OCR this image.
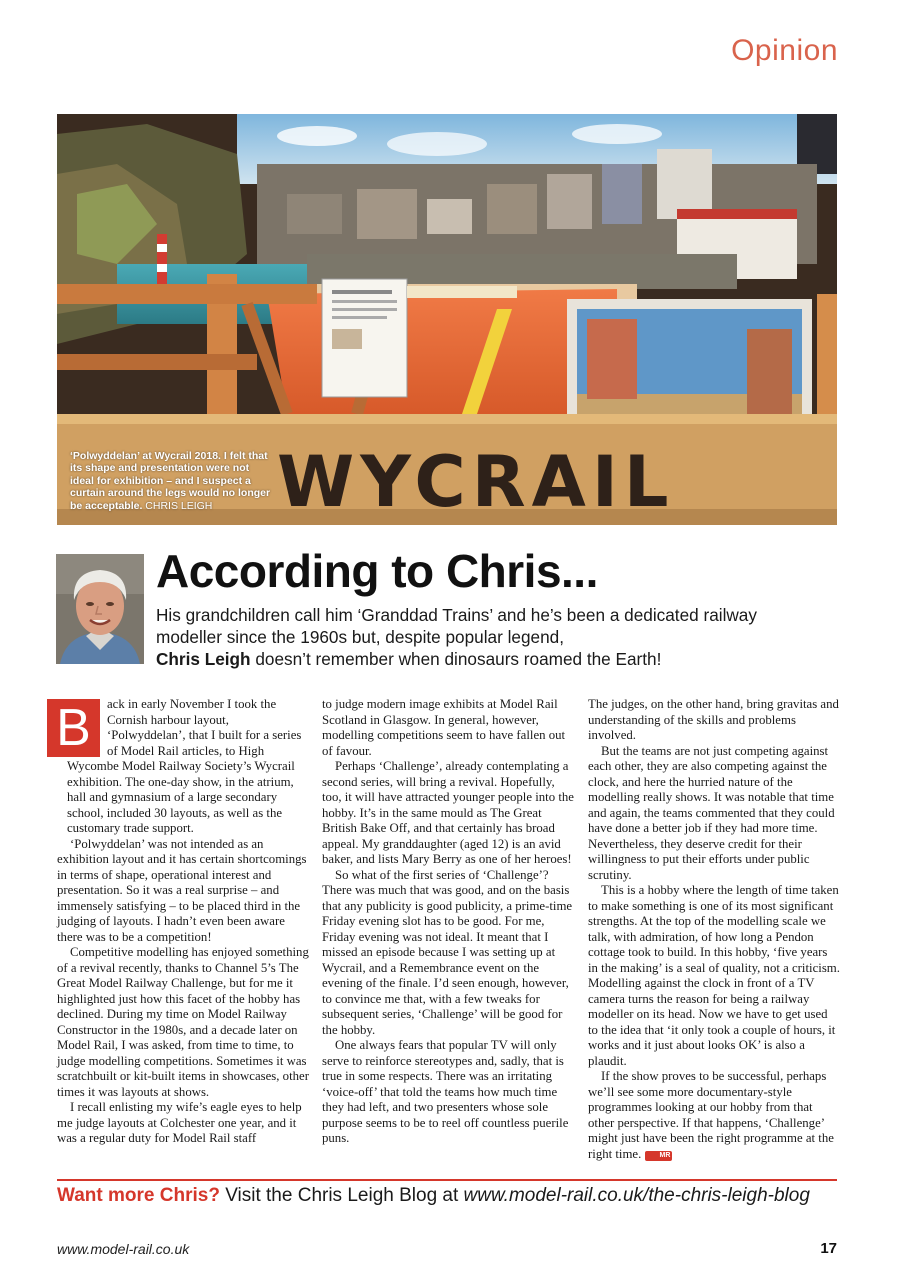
Opinion
WYCRAIL
‘Polwyddelan’ at Wycrail 2018. I felt that its shape and presentation were not ideal for exhibition – and I suspect a curtain around the legs would no longer be acceptable. CHRIS LEIGH
According to Chris...

His grandchildren call him ‘Granddad Trains’ and he’s been a dedicated railway modeller since the 1960s but, despite popular legend,
Chris Leigh doesn’t remember when dinosaurs roamed the Earth!

B	ack in early November I took the Cornish harbour layout, ‘Polwyddelan’, that I built for a series of Model Rail articles, to High Wycombe Model Railway Society’s Wycrail exhibition. The one-day show, in the atrium, hall and gymnasium of a large secondary school, included 30 layouts, as well as the customary trade support.

‘Polwyddelan’ was not intended as an exhibition layout and it has certain shortcomings in terms of shape, operational interest and presentation. So it was a real surprise – and immensely satisfying – to be placed third in the judging of layouts. I hadn’t even been aware there was to be a competition!

Competitive modelling has enjoyed something of a revival recently, thanks to Channel 5’s The Great Model Railway Challenge, but for me it highlighted just how this facet of the hobby has declined. During my time on Model Railway Constructor in the 1980s, and a decade later on Model Rail, I was asked, from time to time, to judge modelling competitions. Sometimes it was scratchbuilt or kit-built items in showcases, other times it was layouts at shows.

I recall enlisting my wife’s eagle eyes to help me judge layouts at Colchester one year, and it was a regular duty for Model Rail staff

to judge modern image exhibits at Model Rail Scotland in Glasgow. In general, however, modelling competitions seem to have fallen out of favour.

Perhaps ‘Challenge’, already contemplating a second series, will bring a revival. Hopefully, too, it will have attracted younger people into the hobby. It’s in the same mould as The Great British Bake Off, and that certainly has broad appeal. My granddaughter (aged 12) is an avid baker, and lists Mary Berry as one of her heroes!

So what of the first series of ‘Challenge’? There was much that was good, and on the basis that any publicity is good publicity, a prime-time Friday evening slot has to be good. For me, Friday evening was not ideal. It meant that I missed an episode because I was setting up at Wycrail, and a Remembrance event on the evening of the finale. I’d seen enough, however, to convince me that, with a few tweaks for subsequent series, ‘Challenge’ will be good for the hobby.

One always fears that popular TV will only serve to reinforce stereotypes and, sadly, that is true in some respects. There was an irritating ‘voice-off’ that told the teams how much time they had left, and two presenters whose sole purpose seems to be to reel off countless puerile puns.

The judges, on the other hand, bring gravitas and understanding of the skills and problems involved.

But the teams are not just competing against each other, they are also competing against the clock, and here the hurried nature of the modelling really shows. It was notable that time and again, the teams commented that they could have done a better job if they had more time. Nevertheless, they deserve credit for their willingness to put their efforts under public scrutiny.

This is a hobby where the length of time taken to make something is one of its most significant strengths. At the top of the modelling scale we talk, with admiration, of how long a Pendon cottage took to build. In this hobby, ‘five years in the making’ is a seal of quality, not a criticism. Modelling against the clock in front of a TV camera turns the reason for being a railway modeller on its head. Now we have to get used to the idea that ‘it only took a couple of hours, it works and it just about looks OK’ is also a plaudit.

If the show proves to be successful, perhaps we’ll see some more documentary-style programmes looking at our hobby from that other perspective. If that happens, ‘Challenge’ might just have been the right programme at the right time.	MR

Want more Chris? Visit the Chris Leigh Blog at www.model-rail.co.uk/the-chris-leigh-blog
www.model-rail.co.uk	17
